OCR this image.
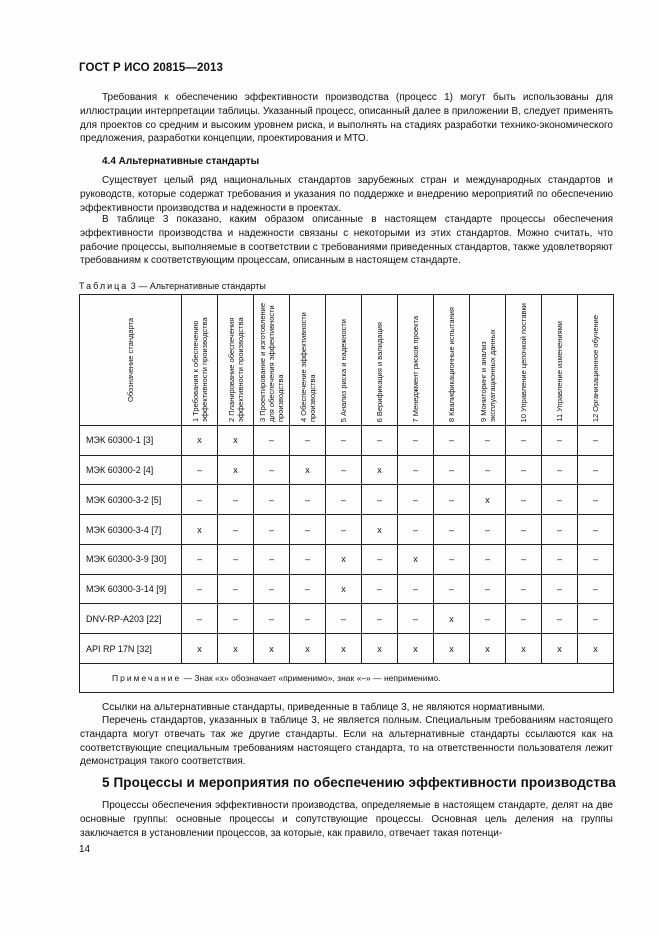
ГОСТ Р ИСО 20815—2013

Требования к обеспечению эффективности производства (процесс 1) могут быть использованы для иллюстрации интерпретации таблицы. Указанный процесс, описанный далее в приложении В, следует применять для проектов со средним и высоким уровнем риска, и выполнять на стадиях разработки технико-экономического предложения, разработки концепции, проектирования и МТО.

4.4 Альтернативные стандарты

Существует целый ряд национальных стандартов зарубежных стран и международных стандартов и руководств, которые содержат требования и указания по поддержке и внедрению мероприятий по обеспечению эффективности производства и надежности в проектах.

В таблице 3 показано, каким образом описанные в настоящем стандарте процессы обеспечения эффективности производства и надежности связаны с некоторыми из этих стандартов. Можно считать, что рабочие процессы, выполняемые в соответствии с требованиями приведенных стандартов, также удовлетворяют требованиям к соответствующим процессам, описанным в настоящем стандарте.

Таблица 3 — Альтернативные стандарты
Обозначение стандарта	1 Требования к обеспечению эффективности производства	2 Планирование обеспечения эффективности производства	3 Проектирование и изготовление для обеспечения эффективности производства	4 Обеспечение эффективности производства	5 Анализ риска и надежности	6 Верификация и валидация	7 Менеджмент рисков проекта	8 Квалификационные испытания	9 Мониторинг и анализ эксплуатационных данных	10 Управление цепочкой поставки	11 Управление изменениями	12 Организационное обучение

МЭК 60300-1 [3]	x	x	–	–	–	–	–	–	–	–	–	–
МЭК 60300-2 [4]	–	x	–	x	–	x	–	–	–	–	–	–
МЭК 60300-3-2 [5]	–	–	–	–	–	–	–	–	x	–	–	–
МЭК 60300-3-4 [7]	x	–	–	–	–	x	–	–	–	–	–	–
МЭК 60300-3-9 [30]	–	–	–	–	x	–	x	–	–	–	–	–
МЭК 60300-3-14 [9]	–	–	–	–	x	–	–	–	–	–	–	–
DNV-RP-A203 [22]	–	–	–	–	–	–	–	x	–	–	–	–
API RP 17N [32]	x	x	x	x	x	x	x	x	x	x	x	x
Примечание — Знак «x» обозначает «применимо», знак «–» — неприменимо.												

Ссылки на альтернативные стандарты, приведенные в таблице 3, не являются нормативными.

Перечень стандартов, указанных в таблице 3, не является полным. Специальным требованиям настоящего стандарта могут отвечать так же другие стандарты. Если на альтернативные стандарты ссылаются как на соответствующие специальным требованиям настоящего стандарта, то на ответственности пользователя лежит демонстрация такого соответствия.

5 Процессы и мероприятия по обеспечению эффективности производства

Процессы обеспечения эффективности производства, определяемые в настоящем стандарте, делят на две основные группы: основные процессы и сопутствующие процессы. Основная цель деления на группы заключается в установлении процессов, за которые, как правило, отвечает такая потенци-

14
